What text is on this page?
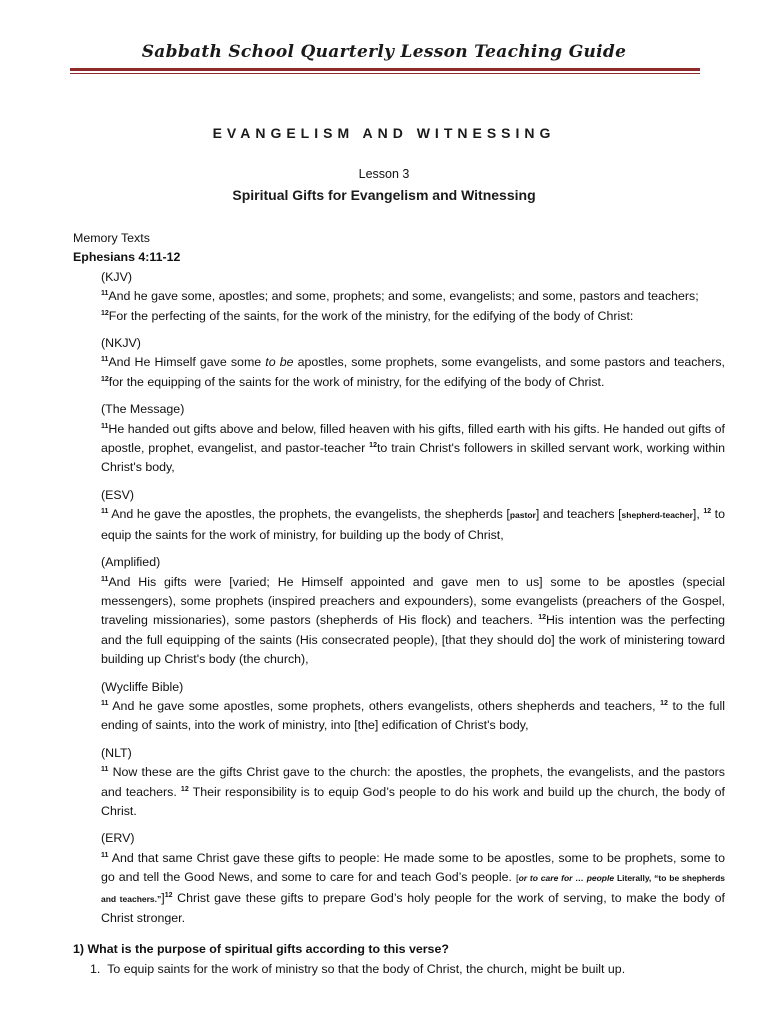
Sabbath School Quarterly Lesson Teaching Guide
EVANGELISM AND WITNESSING
Lesson 3
Spiritual Gifts for Evangelism and Witnessing

Memory Texts

Ephesians 4:11-12

(KJV)

$^{11}$And he gave some, apostles; and some, prophets; and some, evangelists; and some, pastors and teachers;
$^{12}$For the perfecting of the saints, for the work of the ministry, for the edifying of the body of Christ:

(NKJV)

$^{11}$And He Himself gave some to be apostles, some prophets, some evangelists, and some pastors and teachers, $^{12}$for the equipping of the saints for the work of ministry, for the edifying of the body of Christ.

(The Message)

$^{11}$He handed out gifts above and below, filled heaven with his gifts, filled earth with his gifts. He handed out gifts of apostle, prophet, evangelist, and pastor-teacher $^{12}$to train Christ's followers in skilled servant work, working within Christ's body,

(ESV)

$^{11}$ And he gave the apostles, the prophets, the evangelists, the shepherds [pastor] and teachers [shepherd-teacher], $^{12}$ to equip the saints for the work of ministry, for building up the body of Christ,

(Amplified)

$^{11}$And His gifts were [varied; He Himself appointed and gave men to us] some to be apostles (special messengers), some prophets (inspired preachers and expounders), some evangelists (preachers of the Gospel, traveling missionaries), some pastors (shepherds of His flock) and teachers. $^{12}$His intention was the perfecting and the full equipping of the saints (His consecrated people), [that they should do] the work of ministering toward building up Christ's body (the church),

(Wycliffe Bible)

$^{11}$ And he gave some apostles, some prophets, others evangelists, others shepherds and teachers, $^{12}$ to the full ending of saints, into the work of ministry, into [the] edification of Christ's body,

(NLT)

$^{11}$ Now these are the gifts Christ gave to the church: the apostles, the prophets, the evangelists, and the pastors and teachers. $^{12}$ Their responsibility is to equip God’s people to do his work and build up the church, the body of Christ.

(ERV)

$^{11}$ And that same Christ gave these gifts to people: He made some to be apostles, some to be prophets, some to go and tell the Good News, and some to care for and teach God’s people. [or to care for … people Literally, “to be shepherds and teachers.”]$^{12}$ Christ gave these gifts to prepare God’s holy people for the work of serving, to make the body of Christ stronger.

1) What is the purpose of spiritual gifts according to this verse?

1. To equip saints for the work of ministry so that the body of Christ, the church, might be built up.
